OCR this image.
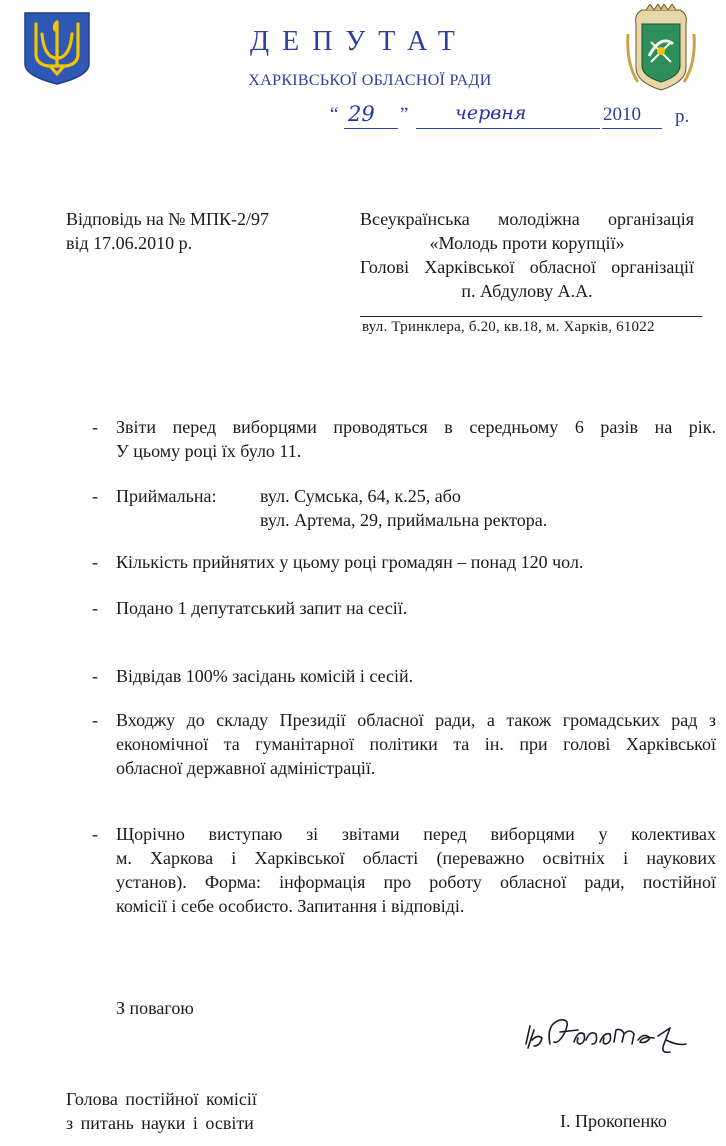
ДЕПУТАТ
ХАРКІВСЬКОЇ ОБЛАСНОЇ РАДИ
“ 29 ” червня	2010 р.
Відповідь на № МПК-2/97
від 17.06.2010 р.
Всеукраїнська молодіжна організація
«Молодь проти корупції»
Голові Харківської обласної організації
п. Абдулову А.А.
вул. Тринклера, б.20, кв.18, м. Харків, 61022
- Звіти перед виборцями проводяться в середньому 6 разів на рік.
У цьому році їх було 11.
- Приймальна: вул. Сумська, 64, к.25, або
вул. Артема, 29, приймальна ректора.
- Кількість прийнятих у цьому році громадян – понад 120 чол.
- Подано 1 депутатський запит на сесії.
- Відвідав 100% засідань комісій і сесій.
- Входжу до складу Президії обласної ради, а також громадських рад з
економічної та гуманітарної політики та ін. при голові Харківської
обласної державної адміністрації.
- Щорічно виступаю зі звітами перед виборцями у колективах
м. Харкова і Харківської області (переважно освітніх і наукових
установ). Форма: інформація про роботу обласної ради, постійної
комісії і себе особисто. Запитання і відповіді.
З повагою
Голова постійної комісії
з питань науки і освіти	І. Прокопенко
